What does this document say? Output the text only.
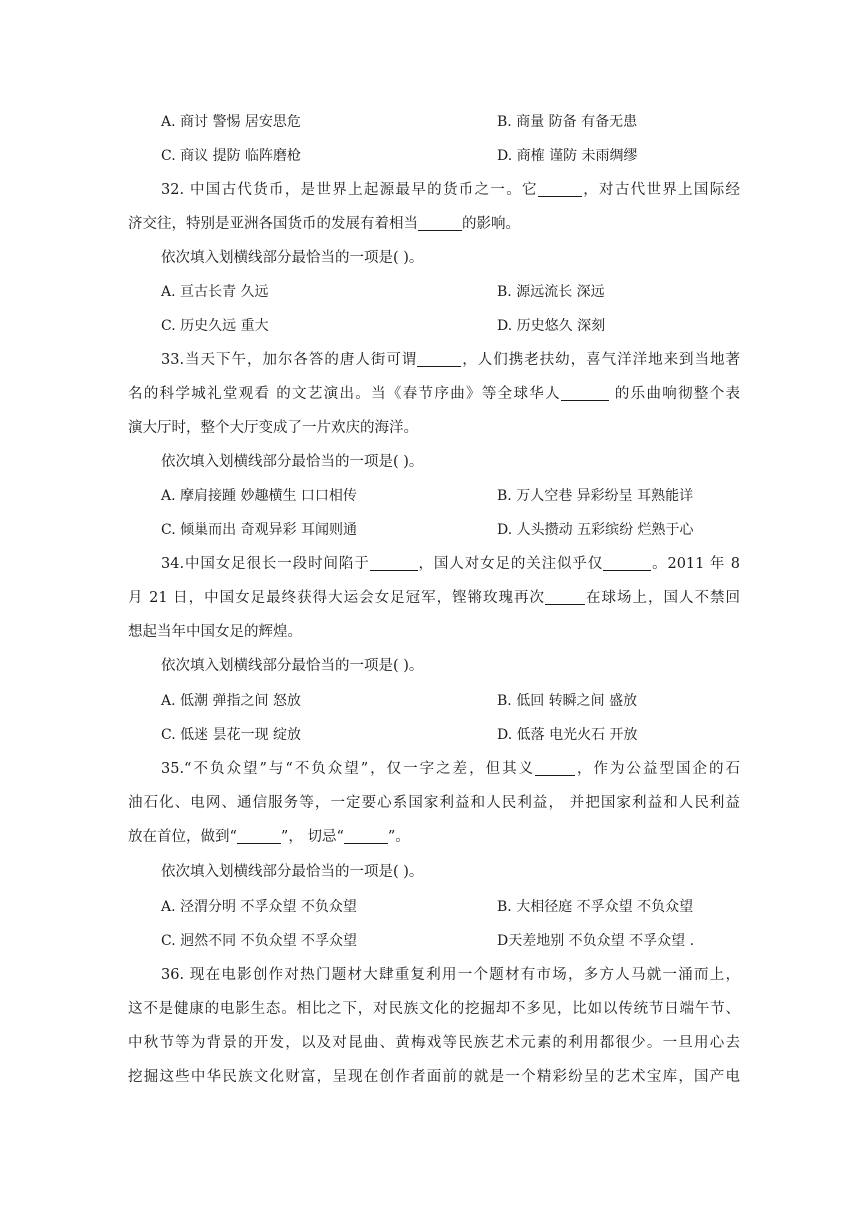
A. 商讨 警惕 居安思危	B. 商量 防备 有备无患
C. 商议 提防 临阵磨枪	D. 商榷 谨防 未雨绸缪
32. 中国古代货币，是世界上起源最早的货币之一。它	，对古代世界上国际经
济交往，特别是亚洲各国货币的发展有着相当	的影响。
依次填入划横线部分最恰当的一项是( )。
A. 亘古长青 久远	B. 源远流长 深远
C. 历史久远 重大	D. 历史悠久 深刻
33.当天下午，加尔各答的唐人街可谓	，人们携老扶幼，喜气洋洋地来到当地著
名的科学城礼堂观看 的文艺演出。当《春节序曲》等全球华人	的乐曲响彻整个表
演大厅时，整个大厅变成了一片欢庆的海洋。
依次填入划横线部分最恰当的一项是( )。
A. 摩肩接踵 妙趣横生 口口相传	B. 万人空巷 异彩纷呈 耳熟能详
C. 倾巢而出 奇观异彩 耳闻则通	D. 人头攒动 五彩缤纷 烂熟于心
34.中国女足很长一段时间陷于	，国人对女足的关注似乎仅	。2011 年 8
月 21 日，中国女足最终获得大运会女足冠军，铿锵玫瑰再次	在球场上，国人不禁回
想起当年中国女足的辉煌。
依次填入划横线部分最恰当的一项是( )。
A. 低潮 弹指之间 怒放	B. 低回 转瞬之间 盛放
C. 低迷 昙花一现 绽放	D. 低落 电光火石 开放
35.“不负众望”与“不负众望”，仅一字之差，但其义	，作为公益型国企的石
油石化、电网、通信服务等，一定要心系国家利益和人民利益， 并把国家利益和人民利益
放在首位，做到“	”， 切忌“	”。
依次填入划横线部分最恰当的一项是( )。
A. 泾渭分明 不孚众望 不负众望	B. 大相径庭 不孚众望 不负众望
C. 迥然不同 不负众望 不孚众望	D天差地别 不负众望 不孚众望 .
36. 现在电影创作对热门题材大肆重复利用一个题材有市场，多方人马就一涌而上，
这不是健康的电影生态。相比之下，对民族文化的挖掘却不多见，比如以传统节日端午节、
中秋节等为背景的开发，以及对昆曲、黄梅戏等民族艺术元素的利用都很少。一旦用心去
挖掘这些中华民族文化财富，呈现在创作者面前的就是一个精彩纷呈的艺术宝库，国产电
